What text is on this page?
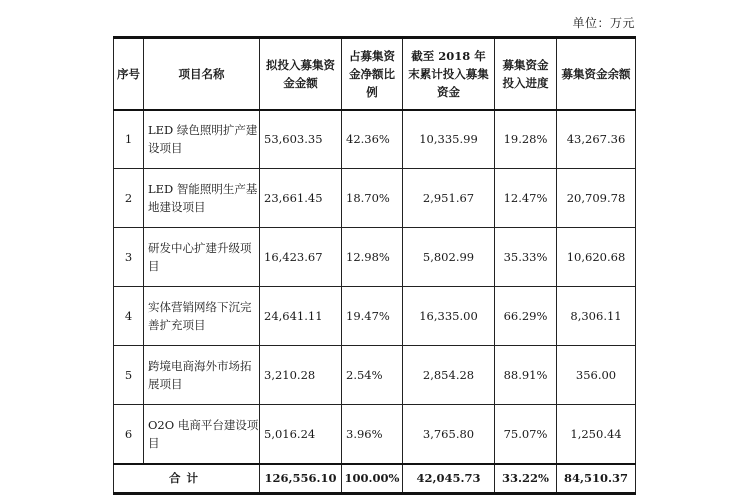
单位：万元
序号	项目名称	拟投入募集资金金额	占募集资金净额比例	截至 2018 年末累计投入募集资金	募集资金投入进度	募集资金余额
1	LED 绿色照明扩产建设项目	53,603.35	42.36%	10,335.99	19.28%	43,267.36
2	LED 智能照明生产基地建设项目	23,661.45	18.70%	2,951.67	12.47%	20,709.78
3	研发中心扩建升级项目	16,423.67	12.98%	5,802.99	35.33%	10,620.68
4	实体营销网络下沉完善扩充项目	24,641.11	19.47%	16,335.00	66.29%	8,306.11
5	跨境电商海外市场拓展项目	3,210.28	2.54%	2,854.28	88.91%	356.00
6	O2O 电商平台建设项目	5,016.24	3.96%	3,765.80	75.07%	1,250.44
合计		126,556.10	100.00%	42,045.73	33.22%	84,510.37
